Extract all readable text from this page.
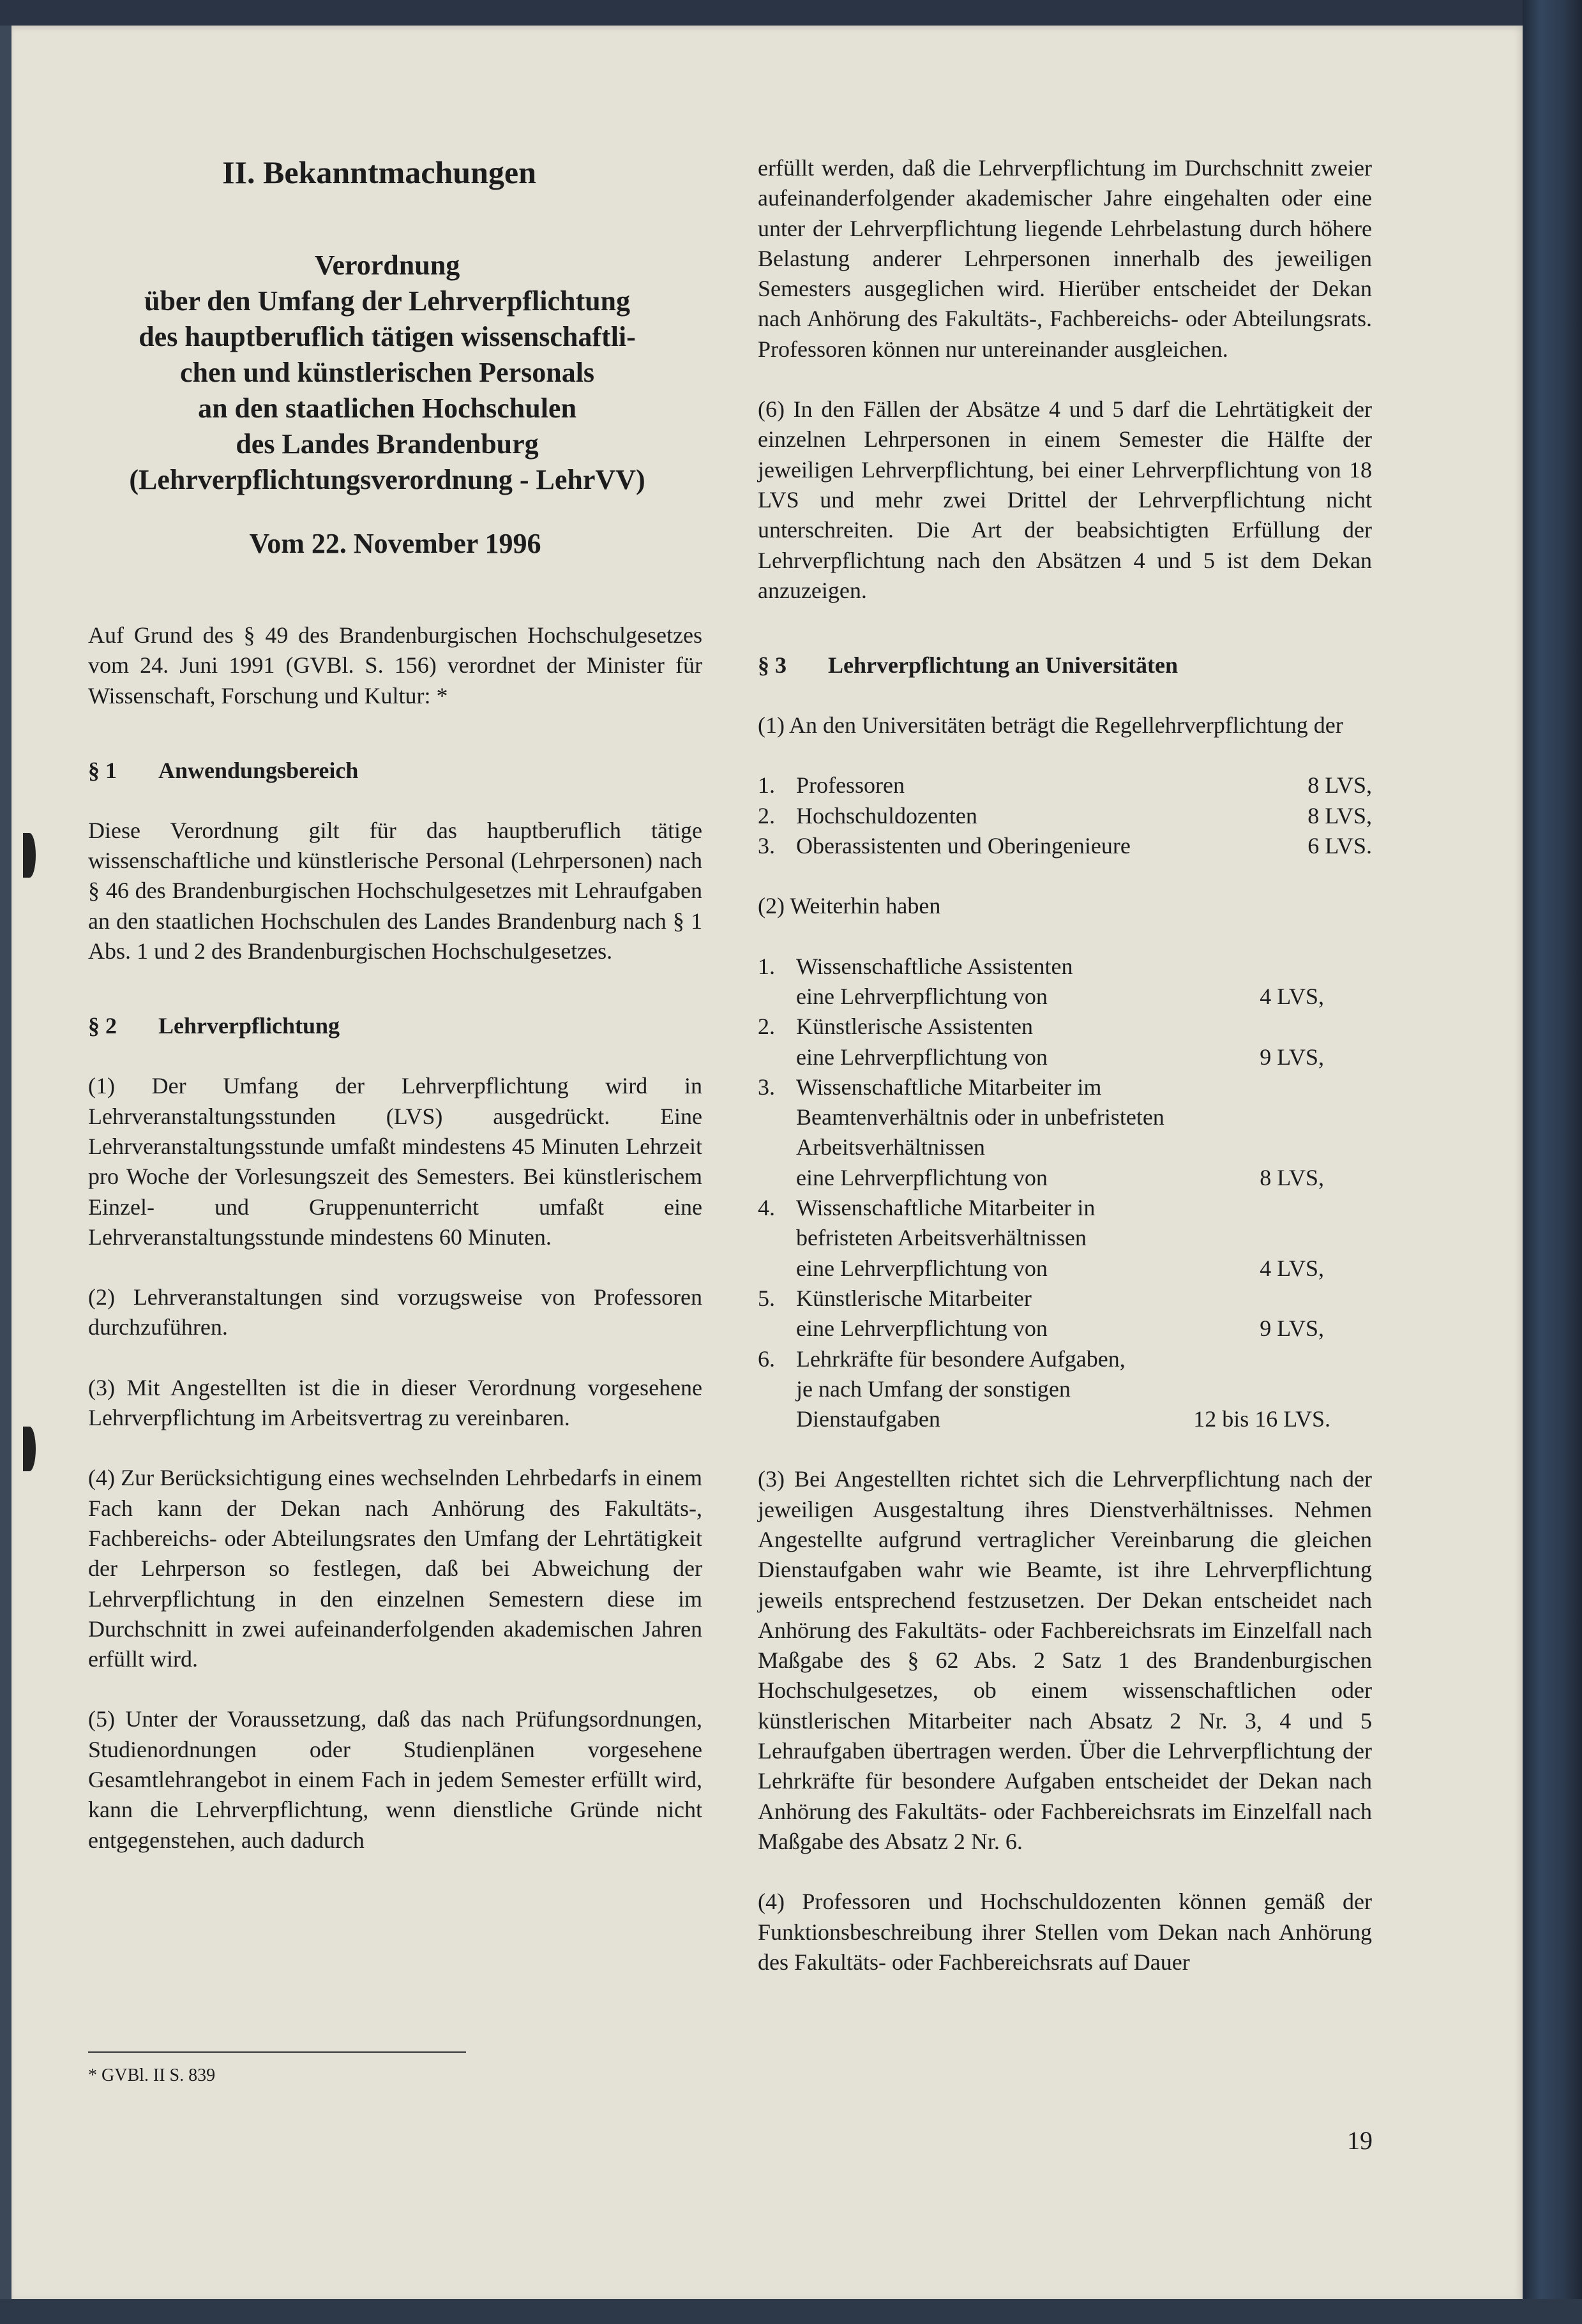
II. Bekanntmachungen
Verordnung
über den Umfang der Lehrverpflichtung
des hauptberuflich tätigen wissenschaftli-
chen und künstlerischen Personals
an den staatlichen Hochschulen
des Landes Brandenburg
(Lehrverpflichtungsverordnung - LehrVV)
Vom 22. November 1996

Auf Grund des § 49 des Brandenburgischen Hochschulgesetzes vom 24. Juni 1991 (GVBl. S. 156) verordnet der Minister für Wissenschaft, Forschung und Kultur: *

§ 1	Anwendungsbereich

Diese Verordnung gilt für das hauptberuflich tätige wissenschaftliche und künstlerische Personal (Lehrpersonen) nach § 46 des Brandenburgischen Hochschulgesetzes mit Lehraufgaben an den staatlichen Hochschulen des Landes Brandenburg nach § 1 Abs. 1 und 2 des Brandenburgischen Hochschulgesetzes.

§ 2	Lehrverpflichtung

(1) Der Umfang der Lehrverpflichtung wird in Lehrveranstaltungsstunden (LVS) ausgedrückt. Eine Lehrveranstaltungsstunde umfaßt mindestens 45 Minuten Lehrzeit pro Woche der Vorlesungszeit des Semesters. Bei künstlerischem Einzel- und Gruppenunterricht umfaßt eine Lehrveranstaltungsstunde mindestens 60 Minuten.

(2) Lehrveranstaltungen sind vorzugsweise von Professoren durchzuführen.

(3) Mit Angestellten ist die in dieser Verordnung vorgesehene Lehrverpflichtung im Arbeitsvertrag zu vereinbaren.

(4) Zur Berücksichtigung eines wechselnden Lehrbedarfs in einem Fach kann der Dekan nach Anhörung des Fakultäts-, Fachbereichs- oder Abteilungsrates den Umfang der Lehrtätigkeit der Lehrperson so festlegen, daß bei Abweichung der Lehrverpflichtung in den einzelnen Semestern diese im Durchschnitt in zwei aufeinanderfolgenden akademischen Jahren erfüllt wird.

(5) Unter der Voraussetzung, daß das nach Prüfungsordnungen, Studienordnungen oder Studienplänen vorgesehene Gesamtlehrangebot in einem Fach in jedem Semester erfüllt wird, kann die Lehrverpflichtung, wenn dienstliche Gründe nicht entgegenstehen, auch dadurch

* GVBl. II S. 839

erfüllt werden, daß die Lehrverpflichtung im Durchschnitt zweier aufeinanderfolgender akademischer Jahre eingehalten oder eine unter der Lehrverpflichtung liegende Lehrbelastung durch höhere Belastung anderer Lehrpersonen innerhalb des jeweiligen Semesters ausgeglichen wird. Hierüber entscheidet der Dekan nach Anhörung des Fakultäts-, Fachbereichs- oder Abteilungsrats. Professoren können nur untereinander ausgleichen.

(6) In den Fällen der Absätze 4 und 5 darf die Lehrtätigkeit der einzelnen Lehrpersonen in einem Semester die Hälfte der jeweiligen Lehrverpflichtung, bei einer Lehrverpflichtung von 18 LVS und mehr zwei Drittel der Lehrverpflichtung nicht unterschreiten. Die Art der beabsichtigten Erfüllung der Lehrverpflichtung nach den Absätzen 4 und 5 ist dem Dekan anzuzeigen.

§ 3	Lehrverpflichtung an Universitäten

(1) An den Universitäten beträgt die Regellehrverpflichtung der

1. Professoren	8 LVS,
2. Hochschuldozenten	8 LVS,
3. Oberassistenten und Oberingenieure	6 LVS.

(2) Weiterhin haben

1. Wissenschaftliche Assistenten
eine Lehrverpflichtung von	4 LVS,
2. Künstlerische Assistenten
eine Lehrverpflichtung von	9 LVS,
3. Wissenschaftliche Mitarbeiter im
Beamtenverhältnis oder in unbefristeten
Arbeitsverhältnissen
eine Lehrverpflichtung von	8 LVS,
4. Wissenschaftliche Mitarbeiter in
befristeten Arbeitsverhältnissen
eine Lehrverpflichtung von	4 LVS,
5. Künstlerische Mitarbeiter
eine Lehrverpflichtung von	9 LVS,
6. Lehrkräfte für besondere Aufgaben,
je nach Umfang der sonstigen
Dienstaufgaben	12 bis 16 LVS.

(3) Bei Angestellten richtet sich die Lehrverpflichtung nach der jeweiligen Ausgestaltung ihres Dienstverhältnisses. Nehmen Angestellte aufgrund vertraglicher Vereinbarung die gleichen Dienstaufgaben wahr wie Beamte, ist ihre Lehrverpflichtung jeweils entsprechend festzusetzen. Der Dekan entscheidet nach Anhörung des Fakultäts- oder Fachbereichsrats im Einzelfall nach Maßgabe des § 62 Abs. 2 Satz 1 des Brandenburgischen Hochschulgesetzes, ob einem wissenschaftlichen oder künstlerischen Mitarbeiter nach Absatz 2 Nr. 3, 4 und 5 Lehraufgaben übertragen werden. Über die Lehrverpflichtung der Lehrkräfte für besondere Aufgaben entscheidet der Dekan nach Anhörung des Fakultäts- oder Fachbereichsrats im Einzelfall nach Maßgabe des Absatz 2 Nr. 6.

(4) Professoren und Hochschuldozenten können gemäß der Funktionsbeschreibung ihrer Stellen vom Dekan nach Anhörung des Fakultäts- oder Fachbereichsrats auf Dauer

19
